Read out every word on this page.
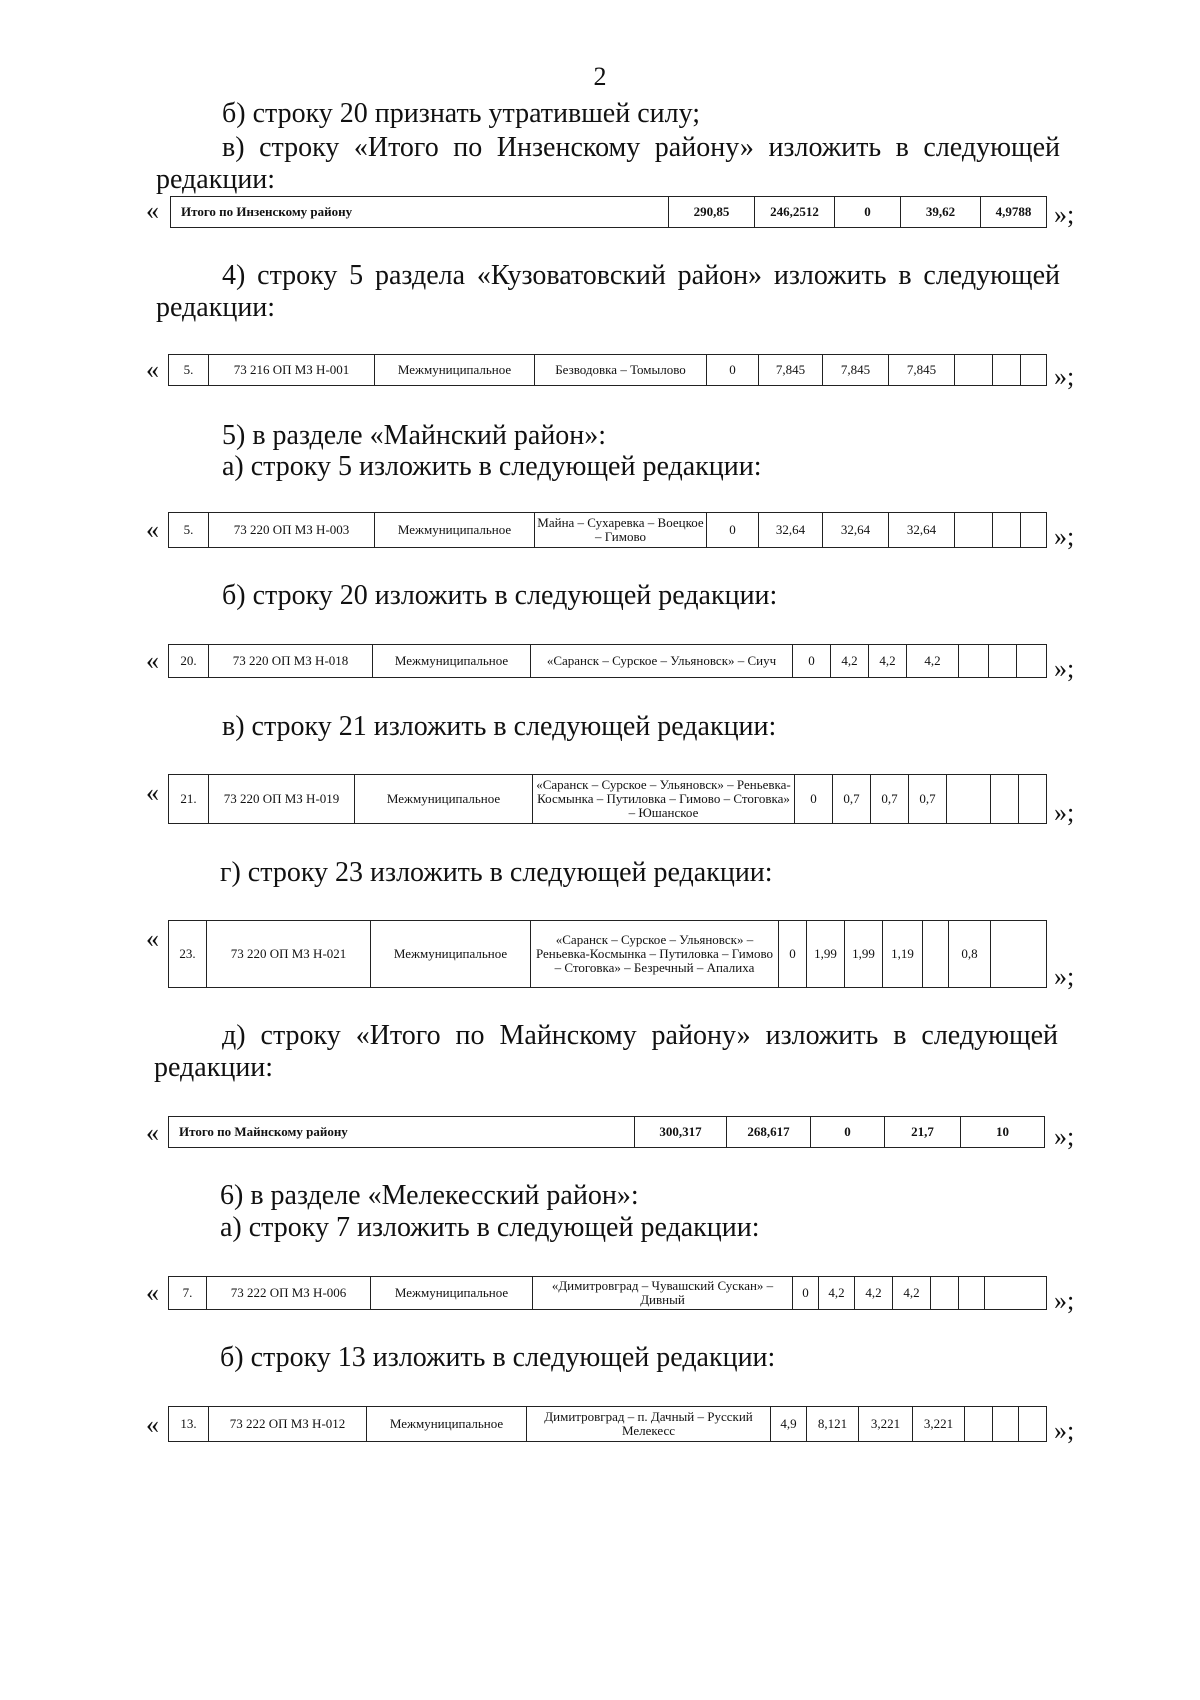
2
б) строку 20 признать утратившей силу;
в) строку «Итого по Инзенскому району» изложить в следующей
редакции:
« Итого по Инзенскому району	290,85	246,2512	0	39,62	4,9788 »;
4) строку 5 раздела «Кузоватовский район» изложить в следующей
редакции:
« 5.	73 216 ОП МЗ Н-001	Межмуниципальное	Безводовка – Томылово	0	7,845	7,845	7,845				»;
5) в разделе «Майнский район»:
а) строку 5 изложить в следующей редакции:
« 5.	73 220 ОП МЗ Н-003	Межмуниципальное	Майна – Сухаревка – Воецкое – Гимово	0	32,64	32,64	32,64				»;
б) строку 20 изложить в следующей редакции:
« 20.	73 220 ОП МЗ Н-018	Межмуниципальное	«Саранск – Сурское – Ульяновск» – Сиуч	0	4,2	4,2	4,2				»;
в) строку 21 изложить в следующей редакции:
« 21.	73 220 ОП МЗ Н-019	Межмуниципальное	«Саранск – Сурское – Ульяновск» – Реньевка-Космынка – Путиловка – Гимово – Стоговка» – Юшанское	0	0,7	0,7	0,7				»;
г) строку 23 изложить в следующей редакции:
«
23.	73 220 ОП МЗ Н-021	Межмуниципальное	«Саранск – Сурское – Ульяновск» – Реньевка-Космынка – Путиловка – Гимово – Стоговка» – Безречный – Апалиха	0	1,99	1,99	1,19		0,8	
»;
д) строку «Итого по Майнскому району» изложить в следующей
редакции:
« Итого по Майнскому району	300,317	268,617	0	21,7	10 »;
6) в разделе «Мелекесский район»:
а) строку 7 изложить в следующей редакции:
« 7.	73 222 ОП МЗ Н-006	Межмуниципальное	«Димитровград – Чувашский Сускан» – Дивный	0	4,2	4,2	4,2				»;
б) строку 13 изложить в следующей редакции:
« 13.	73 222 ОП МЗ Н-012	Межмуниципальное	Димитровград – п. Дачный – Русский Мелекесс	4,9	8,121	3,221	3,221				»;
